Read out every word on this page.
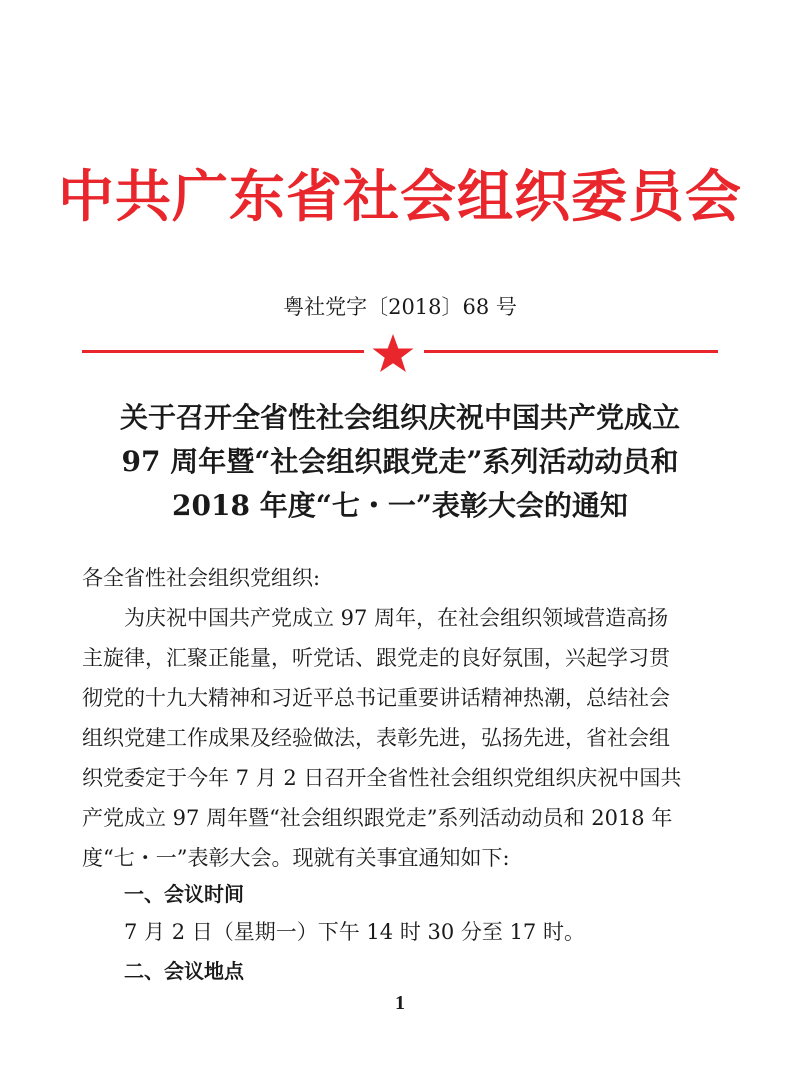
中共广东省社会组织委员会
粤社党字〔2018〕68 号
关于召开全省性社会组织庆祝中国共产党成立
97 周年暨“社会组织跟党走”系列活动动员和
2018 年度“七・一”表彰大会的通知
各全省性社会组织党组织:
为庆祝中国共产党成立 97 周年，在社会组织领域营造高扬
主旋律，汇聚正能量，听党话、跟党走的良好氛围，兴起学习贯
彻党的十九大精神和习近平总书记重要讲话精神热潮，总结社会
组织党建工作成果及经验做法，表彰先进，弘扬先进，省社会组
织党委定于今年 7 月 2 日召开全省性社会组织党组织庆祝中国共
产党成立 97 周年暨“社会组织跟党走”系列活动动员和 2018 年
度“七・一”表彰大会。现就有关事宜通知如下:
一、会议时间
7 月 2 日（星期一）下午 14 时 30 分至 17 时。
二、会议地点
1
